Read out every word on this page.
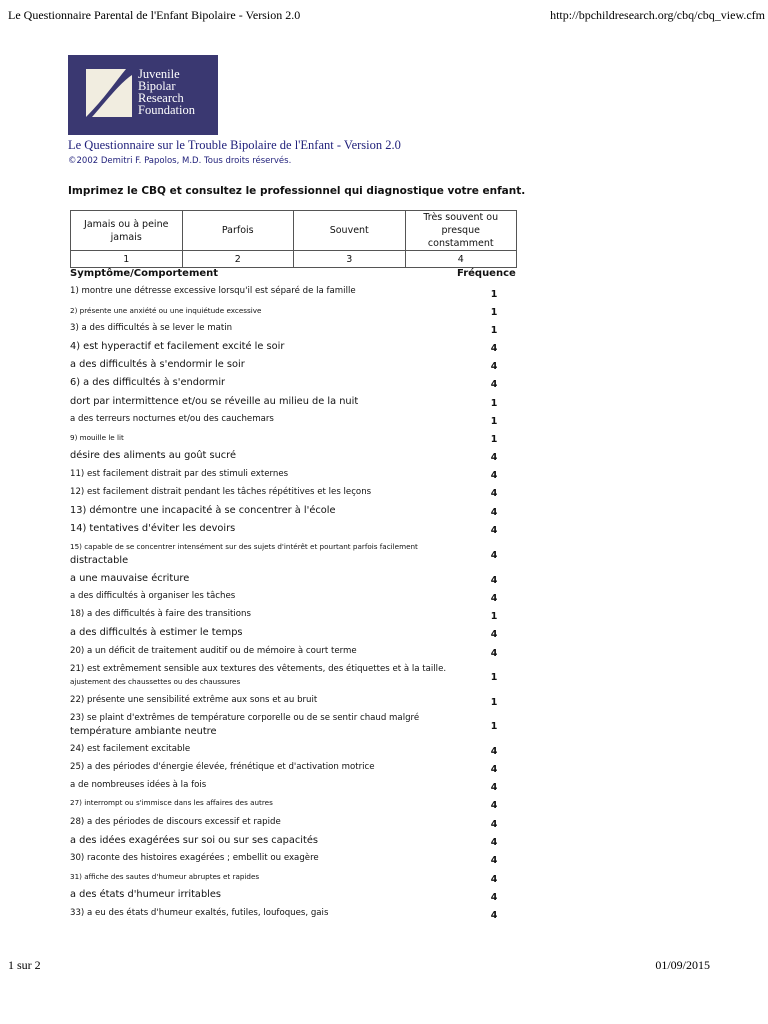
Le Questionnaire Parental de l'Enfant Bipolaire - Version 2.0	http://bpchildresearch.org/cbq/cbq_view.cfm
Juvenile
Bipolar
Research
Foundation
Le Questionnaire sur le Trouble Bipolaire de l'Enfant - Version 2.0
©2002 Demitri F. Papolos, M.D. Tous droits réservés.
Imprimez le CBQ et consultez le professionnel qui diagnostique votre enfant.
Jamais ou à peine jamais	Parfois	Souvent	Très souvent ou presque constamment
1	2	3	4
Symptôme/Comportement	Fréquence
1) montre une détresse excessive lorsqu'il est séparé de la famille	1
2) présente une anxiété ou une inquiétude excessive	1
3) a des difficultés à se lever le matin	1
4) est hyperactif et facilement excité le soir	4
a des difficultés à s'endormir le soir	4
6) a des difficultés à s'endormir	4
dort par intermittence et/ou se réveille au milieu de la nuit	1
a des terreurs nocturnes et/ou des cauchemars	1
9) mouille le lit	1
désire des aliments au goût sucré	4
11) est facilement distrait par des stimuli externes	4
12) est facilement distrait pendant les tâches répétitives et les leçons	4
13) démontre une incapacité à se concentrer à l'école	4
14) tentatives d'éviter les devoirs	4
15) capable de se concentrer intensément sur des sujets d'intérêt et pourtant parfois facilement
distractable	4
a une mauvaise écriture	4
a des difficultés à organiser les tâches	4
18) a des difficultés à faire des transitions	1
a des difficultés à estimer le temps	4
20) a un déficit de traitement auditif ou de mémoire à court terme	4
21) est extrêmement sensible aux textures des vêtements, des étiquettes et à la taille.
ajustement des chaussettes ou des chaussures	1
22) présente une sensibilité extrême aux sons et au bruit	1
23) se plaint d'extrêmes de température corporelle ou de se sentir chaud malgré
température ambiante neutre	1
24) est facilement excitable	4
25) a des périodes d'énergie élevée, frénétique et d'activation motrice	4
a de nombreuses idées à la fois	4
27) interrompt ou s'immisce dans les affaires des autres	4
28) a des périodes de discours excessif et rapide	4
a des idées exagérées sur soi ou sur ses capacités	4
30) raconte des histoires exagérées ; embellit ou exagère	4
31) affiche des sautes d'humeur abruptes et rapides	4
a des états d'humeur irritables	4
33) a eu des états d'humeur exaltés, futiles, loufoques, gais	4
1 sur 2	01/09/2015
